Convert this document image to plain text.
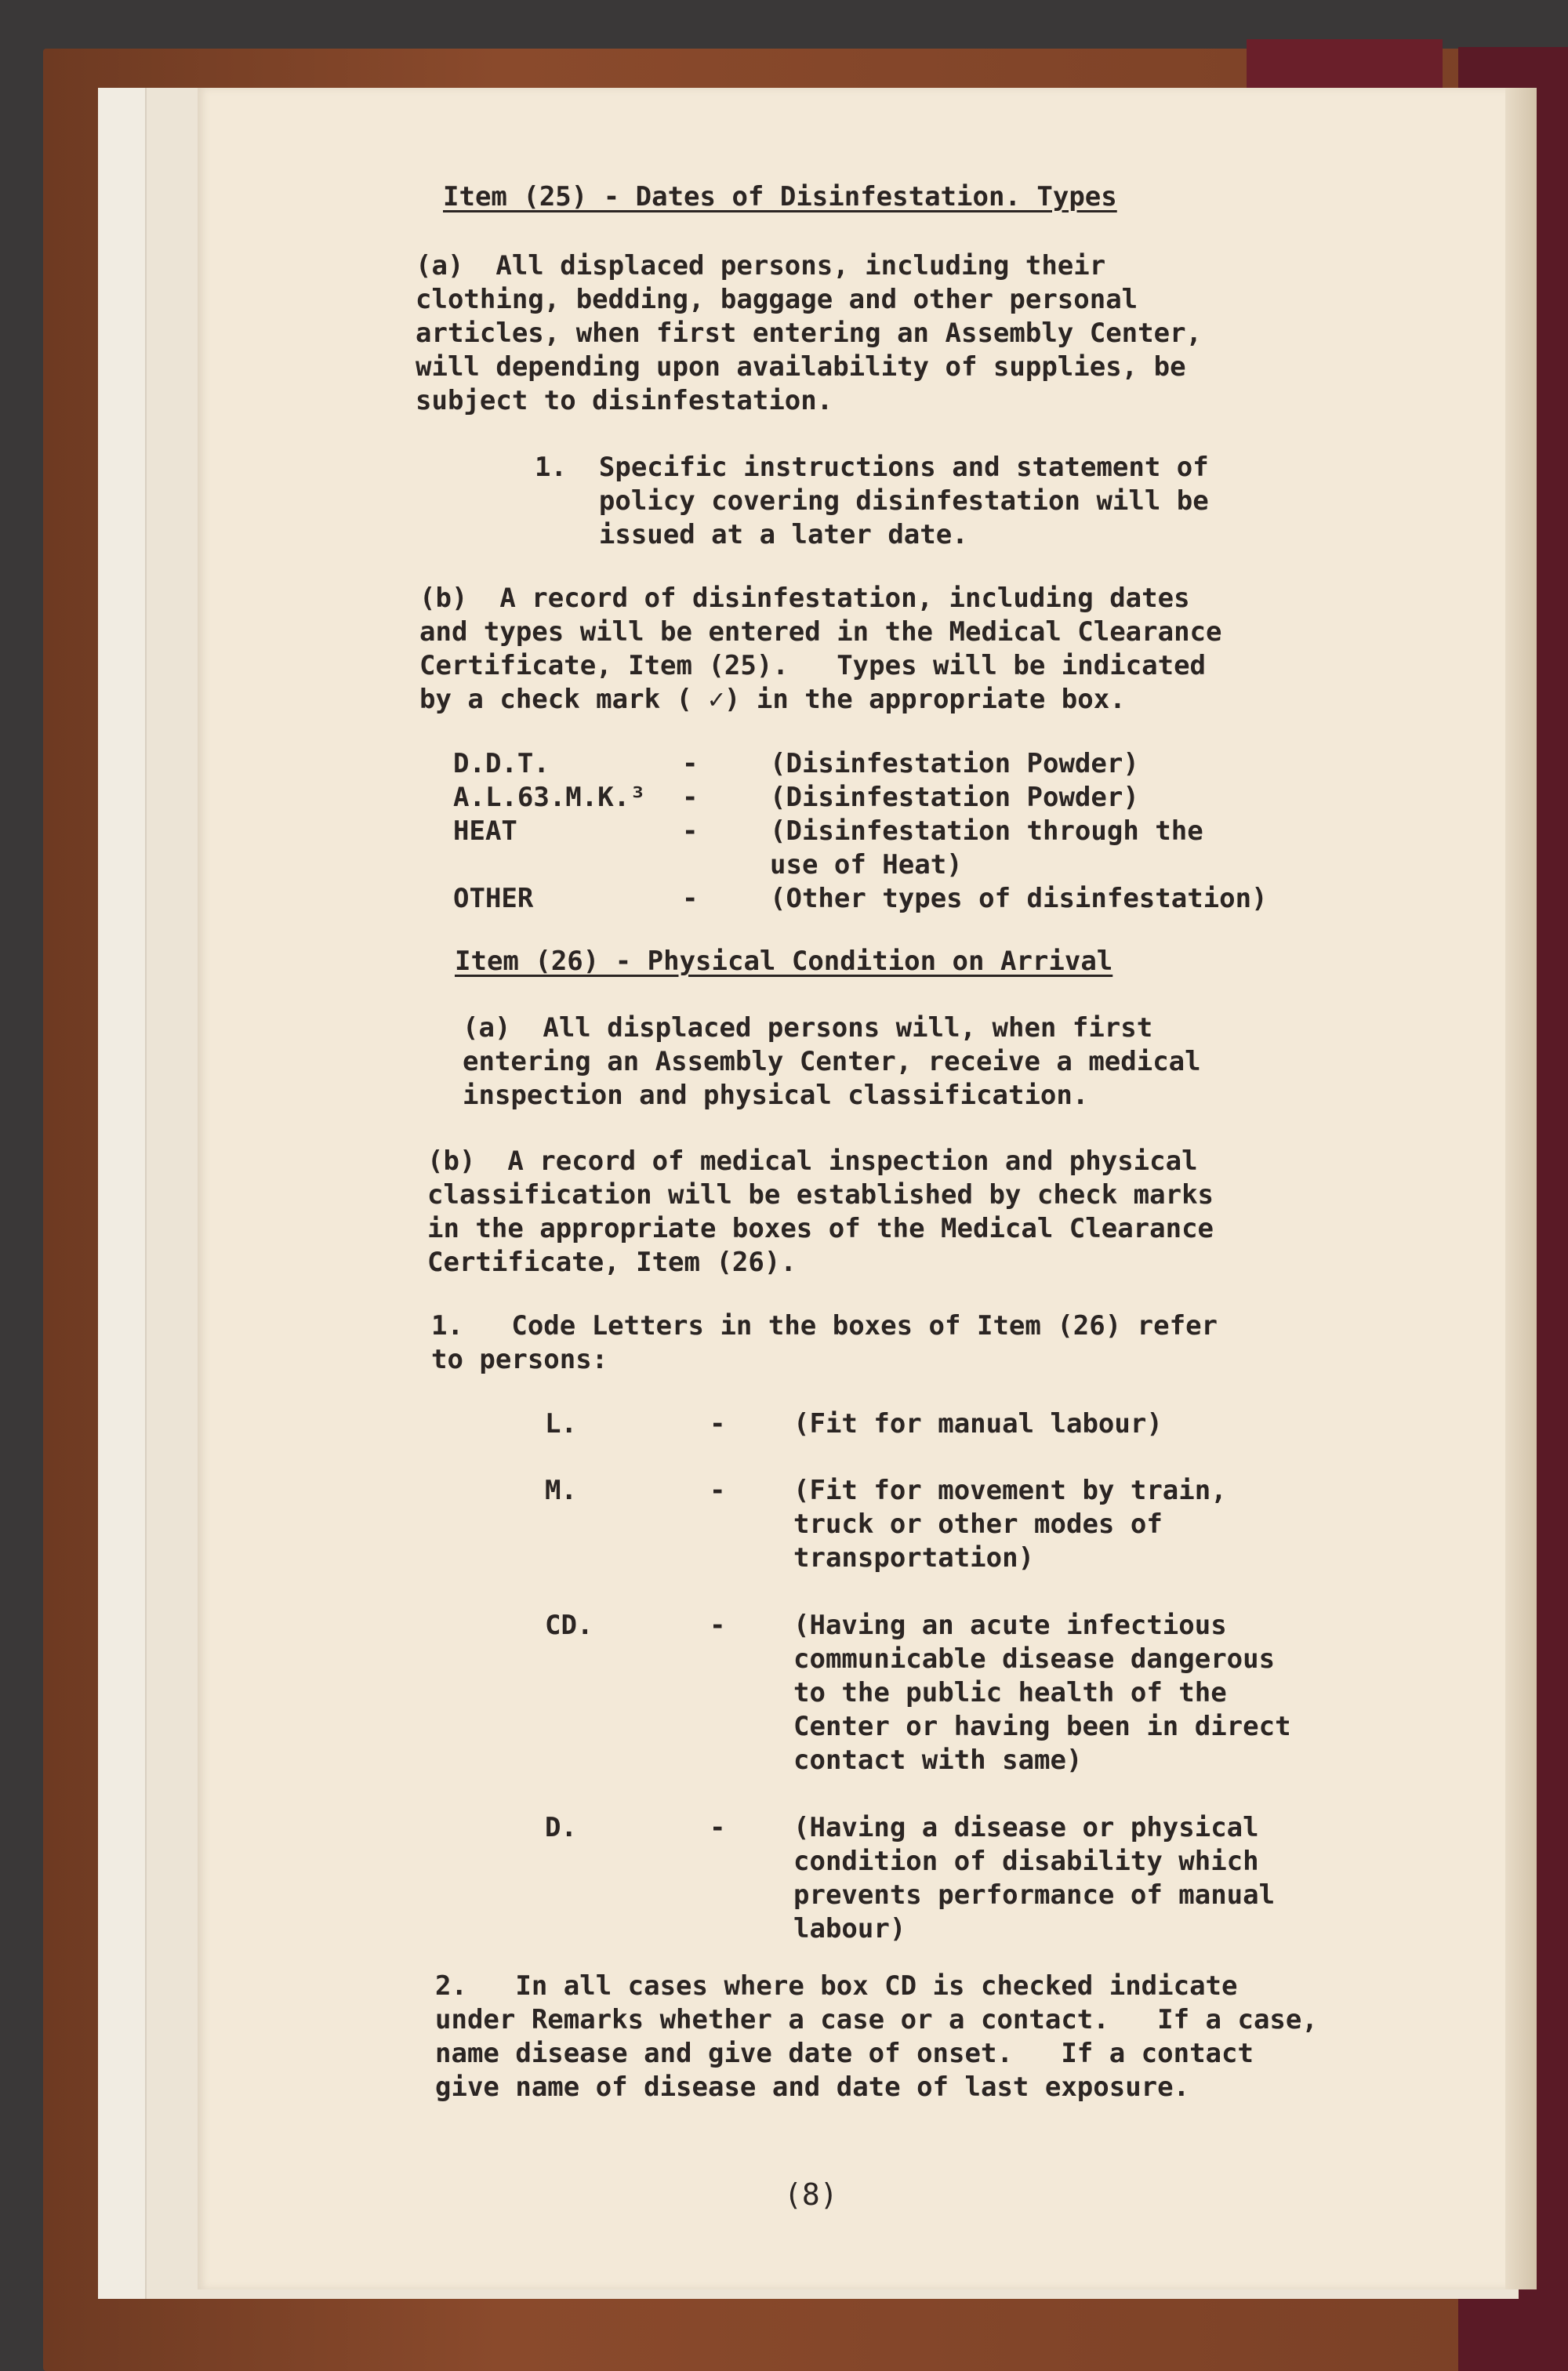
Item (25) - Dates of Disinfestation. Types

(a)  All displaced persons, including their
clothing, bedding, baggage and other personal
articles, when first entering an Assembly Center,
will depending upon availability of supplies, be
subject to disinfestation.

1.  Specific instructions and statement of
policy covering disinfestation will be
issued at a later date.

(b)  A record of disinfestation, including dates
and types will be entered in the Medical Clearance
Certificate, Item (25).   Types will be indicated
by a check mark ( ✓) in the appropriate box.

D.D.T.	-	(Disinfestation Powder)

A.L.63.M.K.³ -	(Disinfestation Powder)

HEAT	-	(Disinfestation through the
use of Heat)

OTHER	-	(Other types of disinfestation)

Item (26) - Physical Condition on Arrival

(a)  All displaced persons will, when first
entering an Assembly Center, receive a medical
inspection and physical classification.

(b)  A record of medical inspection and physical
classification will be established by check marks
in the appropriate boxes of the Medical Clearance
Certificate, Item (26).

1.   Code Letters in the boxes of Item (26) refer
to persons:

L.	-	(Fit for manual labour)

M.	-	(Fit for movement by train,
truck or other modes of
transportation)

CD.	-	(Having an acute infectious
communicable disease dangerous
to the public health of the
Center or having been in direct
contact with same)

D.	-	(Having a disease or physical
condition of disability which
prevents performance of manual
labour)

2.   In all cases where box CD is checked indicate
under Remarks whether a case or a contact.   If a case,
name disease and give date of onset.   If a contact
give name of disease and date of last exposure.

(8)
